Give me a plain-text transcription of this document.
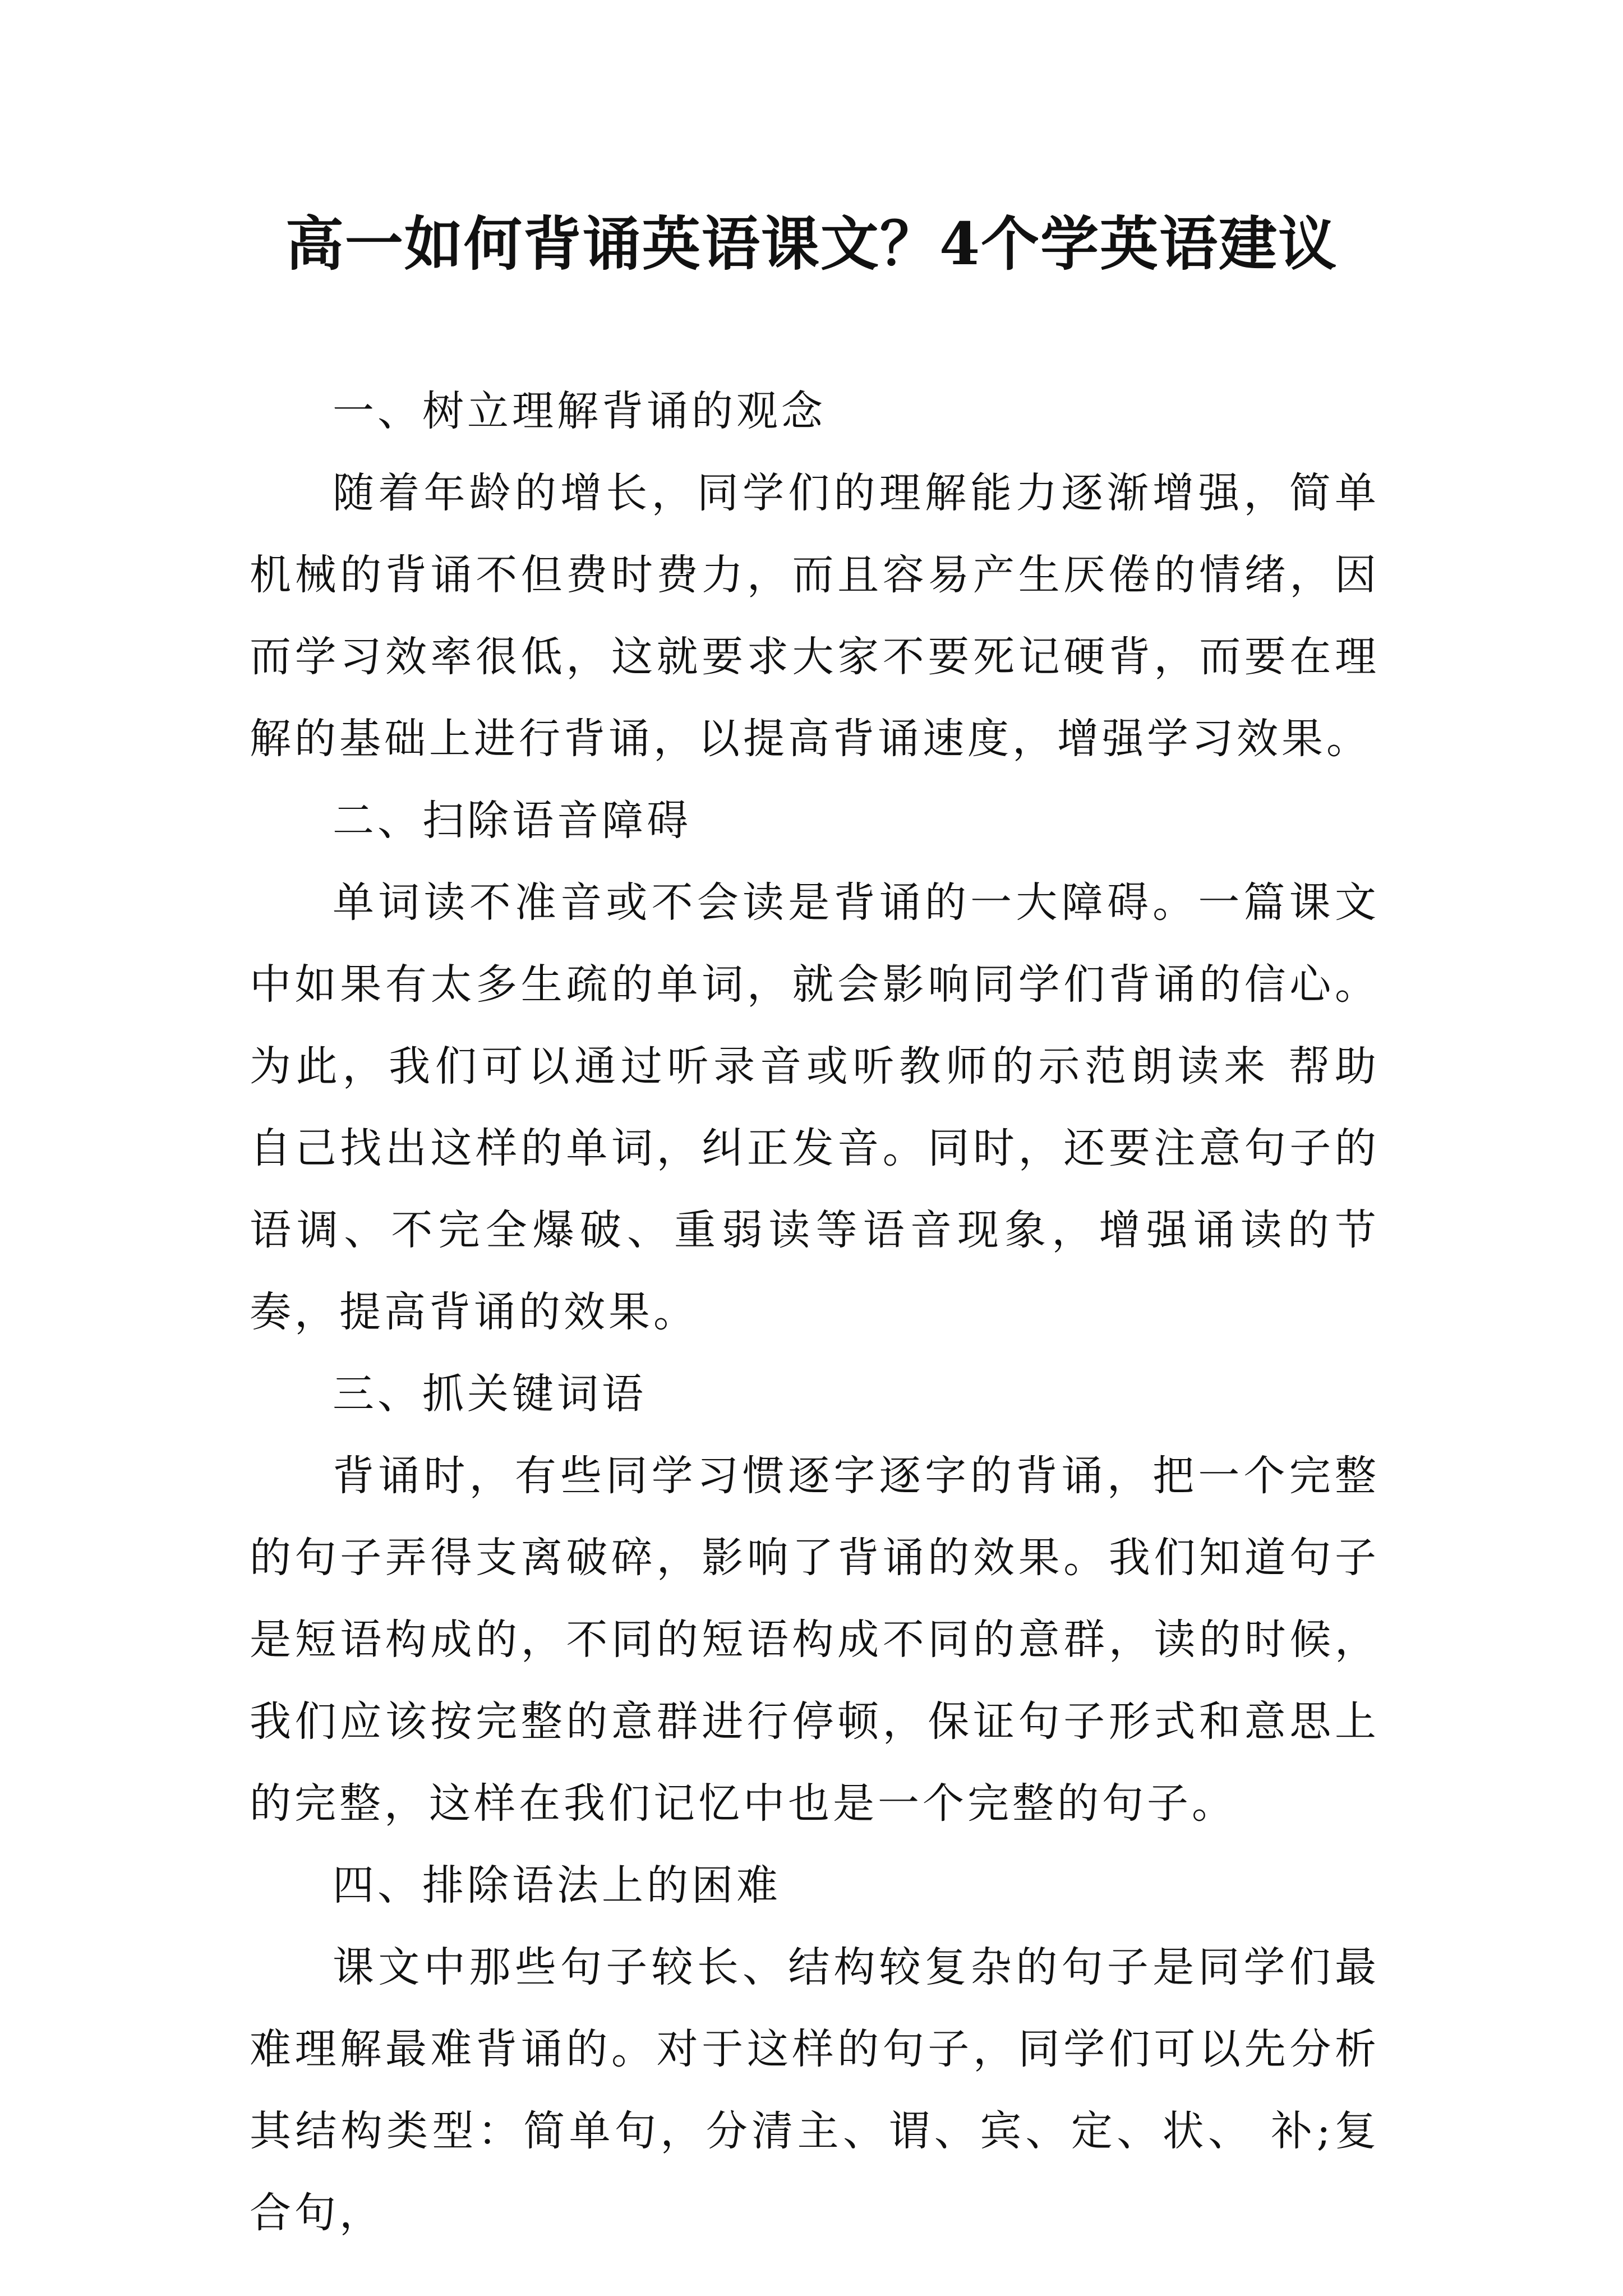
高一如何背诵英语课文？4个学英语建议

一、树立理解背诵的观念

随着年龄的增长，同学们的理解能力逐渐增强，简单机械的背诵不但费时费力，而且容易产生厌倦的情绪，因而学习效率很低，这就要求大家不要死记硬背，而要在理解的基础上进行背诵，以提高背诵速度，增强学习效果。

二、扫除语音障碍

单词读不准音或不会读是背诵的一大障碍。一篇课文中如果有太多生疏的单词，就会影响同学们背诵的信心。为此，我们可以通过听录音或听教师的示范朗读来 帮助自己找出这样的单词，纠正发音。同时，还要注意句子的语调、不完全爆破、重弱读等语音现象，增强诵读的节奏，提高背诵的效果。

三、抓关键词语

背诵时，有些同学习惯逐字逐字的背诵，把一个完整的句子弄得支离破碎，影响了背诵的效果。我们知道句子是短语构成的，不同的短语构成不同的意群，读的时候，我们应该按完整的意群进行停顿，保证句子形式和意思上的完整，这样在我们记忆中也是一个完整的句子。

四、排除语法上的困难

课文中那些句子较长、结构较复杂的句子是同学们最难理解最难背诵的。对于这样的句子，同学们可以先分析其结构类型：简单句，分清主、谓、宾、定、状、 补;复合句，
